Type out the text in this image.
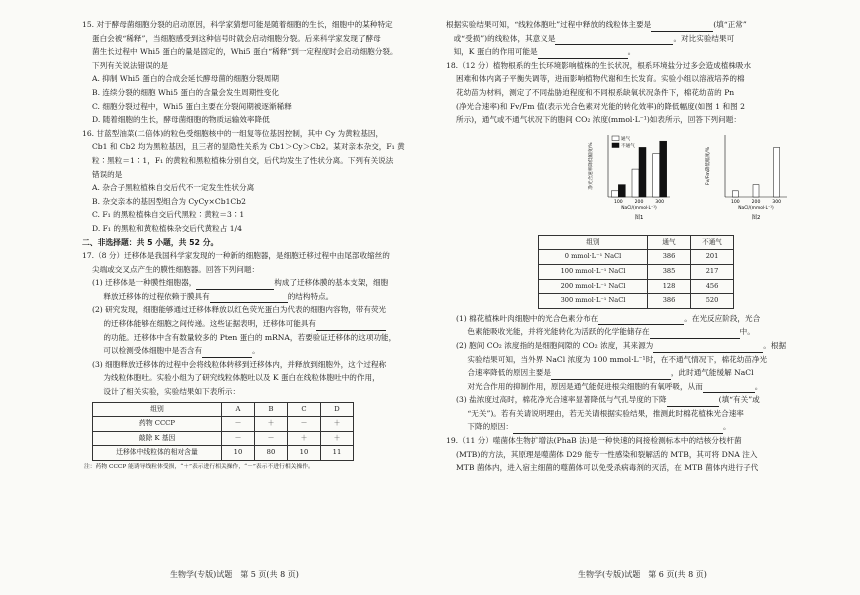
15. 对于酵母菌细胞分裂的启动原因，科学家猜想可能是随着细胞的生长，细胞中的某种特定
蛋白会被“稀释”，当细胞感受到这种信号时就会启动细胞分裂。后来科学家发现了酵母
菌生长过程中 Whi5 蛋白的量是固定的，Whi5 蛋白“稀释”到一定程度时会启动细胞分裂。
下列有关说法错误的是

A. 抑制 Whi5 蛋白的合成会延长酵母菌的细胞分裂周期

B. 连续分裂的细胞 Whi5 蛋白的含量会发生周期性变化

C. 细胞分裂过程中，Whi5 蛋白主要在分裂间期被逐渐稀释

D. 随着细胞的生长，酵母菌细胞的物质运输效率降低

16. 甘蓝型油菜(二倍体)的粒色受细胞核中的一组复等位基因控制，其中 Cy 为黄粒基因，
Cb1 和 Cb2 均为黑粒基因，且三者的显隐性关系为 Cb1＞Cy＞Cb2。某对亲本杂交，F₁ 黄
粒∶黑粒＝1∶1，F₁ 的黄粒和黑粒植株分别自交，后代均发生了性状分离。下列有关说法
错误的是

A. 杂合子黑粒植株自交后代不一定发生性状分离

B. 杂交亲本的基因型组合为 CyCy×Cb1Cb2

C. F₁ 的黑粒植株自交后代黑粒∶黄粒＝3∶1

D. F₁ 的黑粒和黄粒植株杂交后代黄粒占 1/4

二、非选择题：共 5 小题，共 52 分。

17.（8 分）迁移体是我国科学家发现的一种新的细胞器，是细胞迁移过程中由尾部收缩丝的
尖端或交叉点产生的膜性细胞器。回答下列问题：

(1) 迁移体是一种膜性细胞器，	构成了迁移体膜的基本支架，细胞
  释放迁移体的过程依赖于膜具有	的结构特点。

(2) 研究发现，细胞能够通过迁移体释放以红色荧光蛋白为代表的细胞内容物，带有荧光
  的迁移体能够在细胞之间传递。这些证据表明，迁移体可能具有
  的功能。迁移体中含有数量较多的 Pten 蛋白的 mRNA，若要验证迁移体的这项功能，
  可以检测受体细胞中是否含有	。

(3) 细胞释放迁移体的过程中会将线粒体转移到迁移体内，并释放到细胞外，这个过程称
  为线粒体胞吐。实验小组为了研究线粒体胞吐以及 K 蛋白在线粒体胞吐中的作用，
  设计了相关实验，实验结果如下表所示：

组别	A	B	C	D
药物 CCCP	－	＋	－	＋
敲除 K 基因	－	－	＋	＋
迁移体中线粒体的相对含量	10	80	10	11

注：药物 CCCP 能诱导线粒体受损，“＋”表示进行相关操作，“－”表示不进行相关操作。

生物学(专版)试题　第 5 页(共 8 页)

根据实验结果可知，“线粒体胞吐”过程中释放的线粒体主要是	(填“正常”
 或“受损”)的线粒体，其意义是	。对比实验结果可
 知，K 蛋白的作用可能是	。

18.（12 分）植物根系的生长环境影响植株的生长状况，根系环境盐分过多会造成植株吸水
困难和体内离子平衡失调等，进而影响植物代谢和生长发育。实验小组以溶液培养的棉
花幼苗为材料，测定了不同盐胁迫程度和不同根系缺氧状况条件下，棉花幼苗的 Pn
(净光合速率)和 Fv/Fm 值(表示光合色素对光能的转化效率)的降低幅度(如图 1 和图 2
所示)，通气或不通气状况下的胞间 CO₂ 浓度(mmol·L⁻¹)如表所示，回答下列问题：

净光合速率降低幅度/%
100	200	300
NaCl/(mmol·L⁻¹)
图1
通气
不通气
Fv/Fm降低幅度/%
100	200	300
NaCl/(mmol·L⁻¹)
图2
组别	通气	不通气
0 mmol·L⁻¹ NaCl	386	201
100 mmol·L⁻¹ NaCl	385	217
200 mmol·L⁻¹ NaCl	128	456
300 mmol·L⁻¹ NaCl	386	520

(1) 棉花植株叶肉细胞中的光合色素分布在	。在光反应阶段，光合
  色素能吸收光能，并将光能转化为活跃的化学能储存在	中。

(2) 胞间 CO₂ 浓度指的是细胞间隙的 CO₂ 浓度，其来源为	。根据
  实验结果可知，当外界 NaCl 浓度为 100 mmol·L⁻¹时，在不通气情况下，棉花幼苗净光
  合速率降低的原因主要是	，此时通气能缓解 NaCl
  对光合作用的抑制作用，原因是通气能促进根尖细胞的有氧呼吸，从而	。

(3) 盐浓度过高时，棉花净光合速率显著降低与气孔导度的下降	(填“有关”或
  “无关”)。若有关请说明理由，若无关请根据实验结果，推测此时棉花植株光合速率
  下降的原因：	。

19.（11 分）噬菌体生物扩增法(PhaB 法)是一种快速的间接检测标本中的结核分枝杆菌
(MTB)的方法，其原理是噬菌体 D29 能专一性感染和裂解活的 MTB，其可将 DNA 注入
MTB 菌体内，进入宿主细菌的噬菌体可以免受杀病毒剂的灭活，在 MTB 菌体内进行子代

生物学(专版)试题　第 6 页(共 8 页)
